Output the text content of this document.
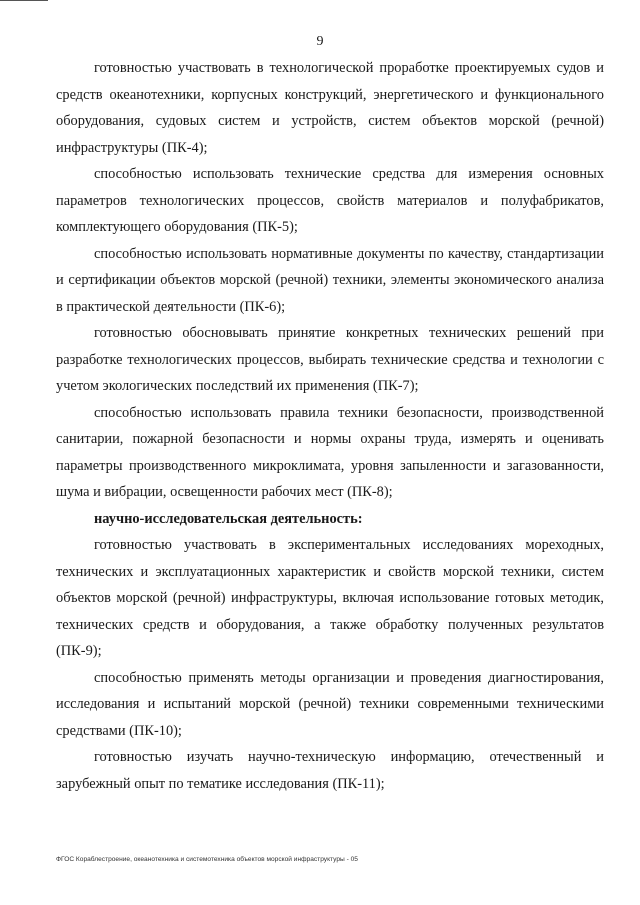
9

готовностью участвовать в технологической проработке проектируемых судов и средств океанотехники, корпусных конструкций, энергетического и функционального оборудования, судовых систем и устройств, систем объектов морской (речной) инфраструктуры (ПК-4);

способностью использовать технические средства для измерения основных параметров технологических процессов, свойств материалов и полуфабрикатов, комплектующего оборудования (ПК-5);

способностью использовать нормативные документы по качеству, стандартизации и сертификации объектов морской (речной) техники, элементы экономического анализа в практической деятельности (ПК-6);

готовностью обосновывать принятие конкретных технических решений при разработке технологических процессов, выбирать технические средства и технологии с учетом экологических последствий их применения (ПК-7);

способностью использовать правила техники безопасности, производственной санитарии, пожарной безопасности и нормы охраны труда, измерять и оценивать параметры производственного микроклимата, уровня запыленности и загазованности, шума и вибрации, освещенности рабочих мест (ПК-8);

научно-исследовательская деятельность:

готовностью участвовать в экспериментальных исследованиях мореходных, технических и эксплуатационных характеристик и свойств морской техники, систем объектов морской (речной) инфраструктуры, включая использование готовых методик, технических средств и оборудования, а также обработку полученных результатов (ПК-9);

способностью применять методы организации и проведения диагностирования, исследования и испытаний морской (речной) техники современными техническими средствами (ПК-10);

готовностью изучать научно-техническую информацию, отечественный и зарубежный опыт по тематике исследования (ПК-11);

ФГОС Кораблестроение, океанотехника и системотехника объектов морской инфраструктуры - 05
